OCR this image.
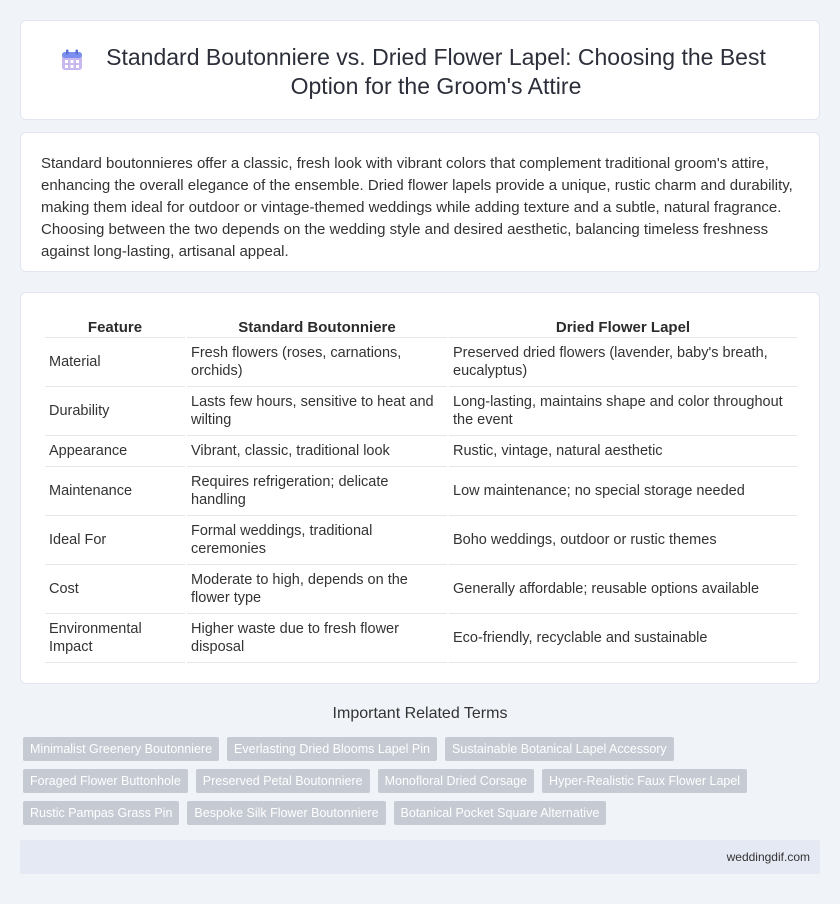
Standard Boutonniere vs. Dried Flower Lapel: Choosing the Best Option for the Groom's Attire

Standard boutonnieres offer a classic, fresh look with vibrant colors that complement traditional groom's attire, enhancing the overall elegance of the ensemble. Dried flower lapels provide a unique, rustic charm and durability, making them ideal for outdoor or vintage-themed weddings while adding texture and a subtle, natural fragrance. Choosing between the two depends on the wedding style and desired aesthetic, balancing timeless freshness against long-lasting, artisanal appeal.

Feature	Standard Boutonniere	Dried Flower Lapel
Material	Fresh flowers (roses, carnations, orchids)	Preserved dried flowers (lavender, baby's breath, eucalyptus)
Durability	Lasts few hours, sensitive to heat and wilting	Long-lasting, maintains shape and color throughout the event
Appearance	Vibrant, classic, traditional look	Rustic, vintage, natural aesthetic
Maintenance	Requires refrigeration; delicate handling	Low maintenance; no special storage needed
Ideal For	Formal weddings, traditional ceremonies	Boho weddings, outdoor or rustic themes
Cost	Moderate to high, depends on the flower type	Generally affordable; reusable options available
Environmental Impact	Higher waste due to fresh flower disposal	Eco-friendly, recyclable and sustainable
Important Related Terms
Minimalist Greenery Boutonniere	Everlasting Dried Blooms Lapel Pin	Sustainable Botanical Lapel Accessory
Foraged Flower Buttonhole	Preserved Petal Boutonniere	Monofloral Dried Corsage	Hyper-Realistic Faux Flower Lapel
Rustic Pampas Grass Pin	Bespoke Silk Flower Boutonniere	Botanical Pocket Square Alternative
weddingdif.com
